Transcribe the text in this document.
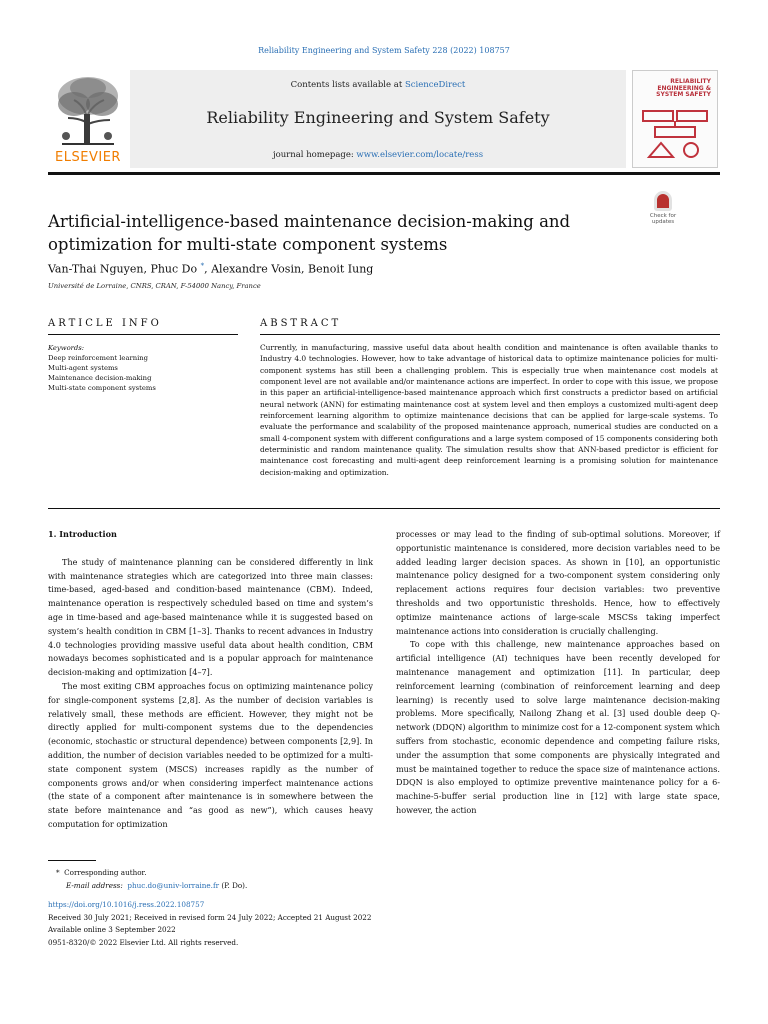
Reliability Engineering and System Safety 228 (2022) 108757
ELSEVIER
Contents lists available at ScienceDirect
Reliability Engineering and System Safety
journal homepage: www.elsevier.com/locate/ress
RELIABILITY ENGINEERING & SYSTEM SAFETY
Artificial-intelligence-based maintenance decision-making and optimization for multi-state component systems
Check for updates
Van-Thai Nguyen, Phuc Do *, Alexandre Vosin, Benoit Iung
Université de Lorraine, CNRS, CRAN, F-54000 Nancy, France
ARTICLE INFO	ABSTRACT
Keywords:
Deep reinforcement learning
Multi-agent systems
Maintenance decision-making
Multi-state component systems
Currently, in manufacturing, massive useful data about health condition and maintenance is often available thanks to Industry 4.0 technologies. However, how to take advantage of historical data to optimize maintenance policies for multi-component systems has still been a challenging problem. This is especially true when maintenance cost models at component level are not available and/or maintenance actions are imperfect. In order to cope with this issue, we propose in this paper an artificial-intelligence-based maintenance approach which first constructs a predictor based on artificial neural network (ANN) for estimating maintenance cost at system level and then employs a customized multi-agent deep reinforcement learning algorithm to optimize maintenance decisions that can be applied for large-scale systems. To evaluate the performance and scalability of the proposed maintenance approach, numerical studies are conducted on a small 4-component system with different configurations and a large system composed of 15 components considering both deterministic and random maintenance quality. The simulation results show that ANN-based predictor is efficient for maintenance cost forecasting and multi-agent deep reinforcement learning is a promising solution for maintenance decision-making and optimization.
1. Introduction

The study of maintenance planning can be considered differently in link with maintenance strategies which are categorized into three main classes: time-based, aged-based and condition-based maintenance (CBM). Indeed, maintenance operation is respectively scheduled based on time and system’s age in time-based and age-based maintenance while it is suggested based on system’s health condition in CBM [1–3]. Thanks to recent advances in Industry 4.0 technologies providing massive useful data about health condition, CBM nowadays becomes sophisticated and is a popular approach for maintenance decision-making and optimization [4–7].

The most exiting CBM approaches focus on optimizing maintenance policy for single-component systems [2,8]. As the number of decision variables is relatively small, these methods are efficient. However, they might not be directly applied for multi-component systems due to the dependencies (economic, stochastic or structural dependence) between components [2,9]. In addition, the number of decision variables needed to be optimized for a multi-state component system (MSCS) increases rapidly as the number of components grows and/or when considering imperfect maintenance actions (the state of a component after maintenance is in somewhere between the state before maintenance and “as good as new”), which causes heavy computation for optimization

processes or may lead to the finding of sub-optimal solutions. Moreover, if opportunistic maintenance is considered, more decision variables need to be added leading larger decision spaces. As shown in [10], an opportunistic maintenance policy designed for a two-component system considering only replacement actions requires four decision variables: two preventive thresholds and two opportunistic thresholds. Hence, how to effectively optimize maintenance actions of large-scale MSCSs taking imperfect maintenance actions into consideration is crucially challenging.

To cope with this challenge, new maintenance approaches based on artificial intelligence (AI) techniques have been recently developed for maintenance management and optimization [11]. In particular, deep reinforcement learning (combination of reinforcement learning and deep learning) is recently used to solve large maintenance decision-making problems. More specifically, Nailong Zhang et al. [3] used double deep Q-network (DDQN) algorithm to minimize cost for a 12-component system which suffers from stochastic, economic dependence and competing failure risks, under the assumption that some components are physically integrated and must be maintained together to reduce the space size of maintenance actions. DDQN is also employed to optimize preventive maintenance policy for a 6-machine-5-buffer serial production line in [12] with large state space, however, the action

* Corresponding author.
E-mail address: phuc.do@univ-lorraine.fr (P. Do).
https://doi.org/10.1016/j.ress.2022.108757
Received 30 July 2021; Received in revised form 24 July 2022; Accepted 21 August 2022
Available online 3 September 2022
0951-8320/© 2022 Elsevier Ltd. All rights reserved.
